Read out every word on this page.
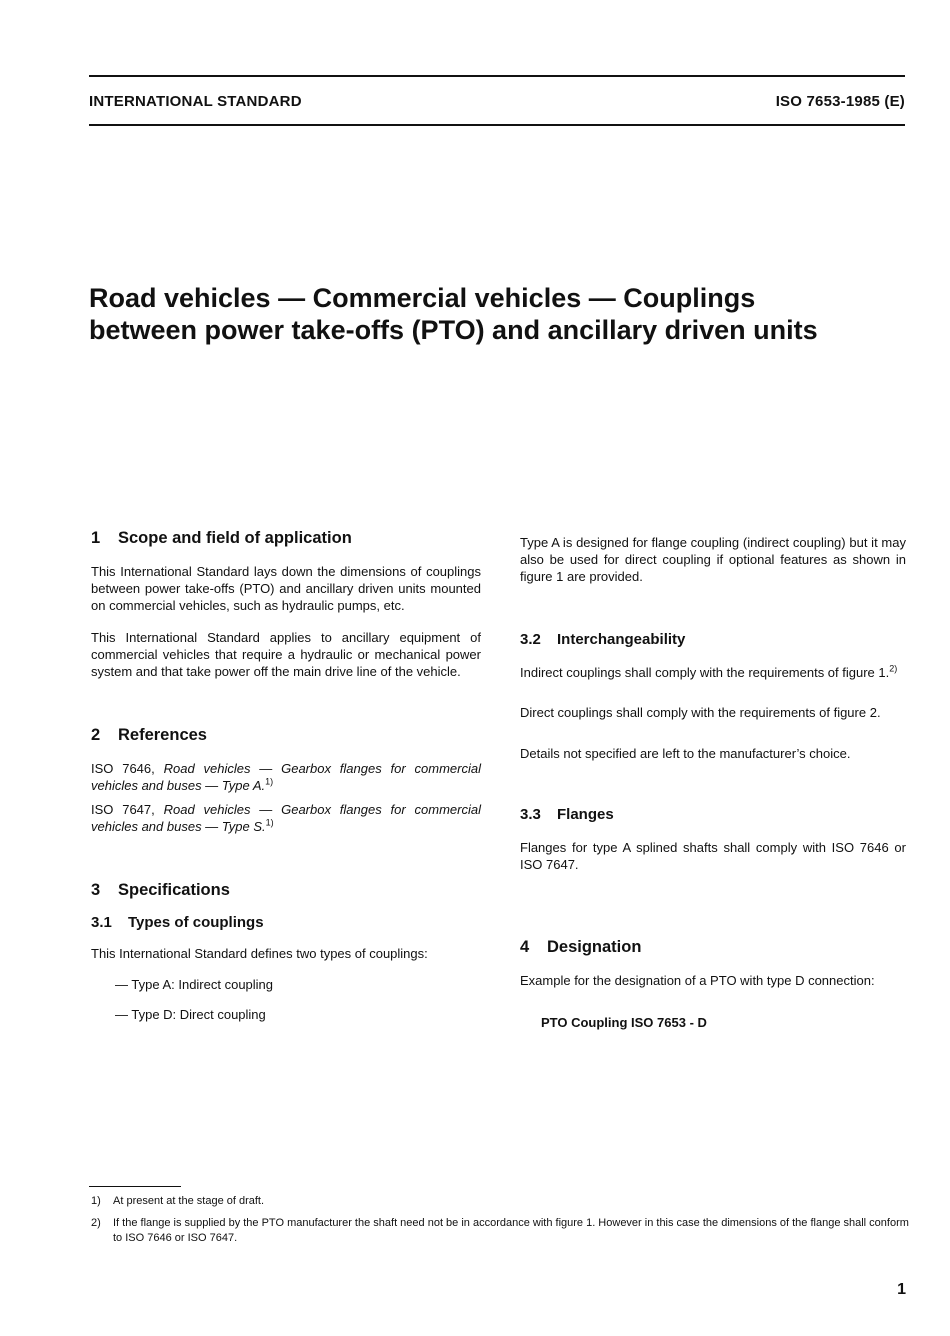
INTERNATIONAL STANDARD	ISO 7653-1985 (E)
Road vehicles — Commercial vehicles — Couplings
between power take-offs (PTO) and ancillary driven units
1 Scope and field of application

This International Standard lays down the dimensions of couplings between power take-offs (PTO) and ancillary driven units mounted on commercial vehicles, such as hydraulic pumps, etc.

This International Standard applies to ancillary equipment of commercial vehicles that require a hydraulic or mechanical power system and that take power off the main drive line of the vehicle.

2 References

ISO 7646, Road vehicles — Gearbox flanges for commercial vehicles and buses — Type A.$^{1)}$

ISO 7647, Road vehicles — Gearbox flanges for commercial vehicles and buses — Type S.$^{1)}$

3 Specifications
3.1 Types of couplings

This International Standard defines two types of couplings:

— Type A: Indirect coupling

— Type D: Direct coupling

Type A is designed for flange coupling (indirect coupling) but it may also be used for direct coupling if optional features as shown in figure 1 are provided.

3.2 Interchangeability

Indirect couplings shall comply with the requirements of figure 1.$^{2)}$

Direct couplings shall comply with the requirements of figure 2.

Details not specified are left to the manufacturer’s choice.

3.3 Flanges

Flanges for type A splined shafts shall comply with ISO 7646 or ISO 7647.

4 Designation

Example for the designation of a PTO with type D connection:

PTO Coupling ISO 7653 - D

1) At present at the stage of draft.
2) If the flange is supplied by the PTO manufacturer the shaft need not be in accordance with figure 1. However in this case the dimensions of the flange shall conform to ISO 7646 or ISO 7647.
1
